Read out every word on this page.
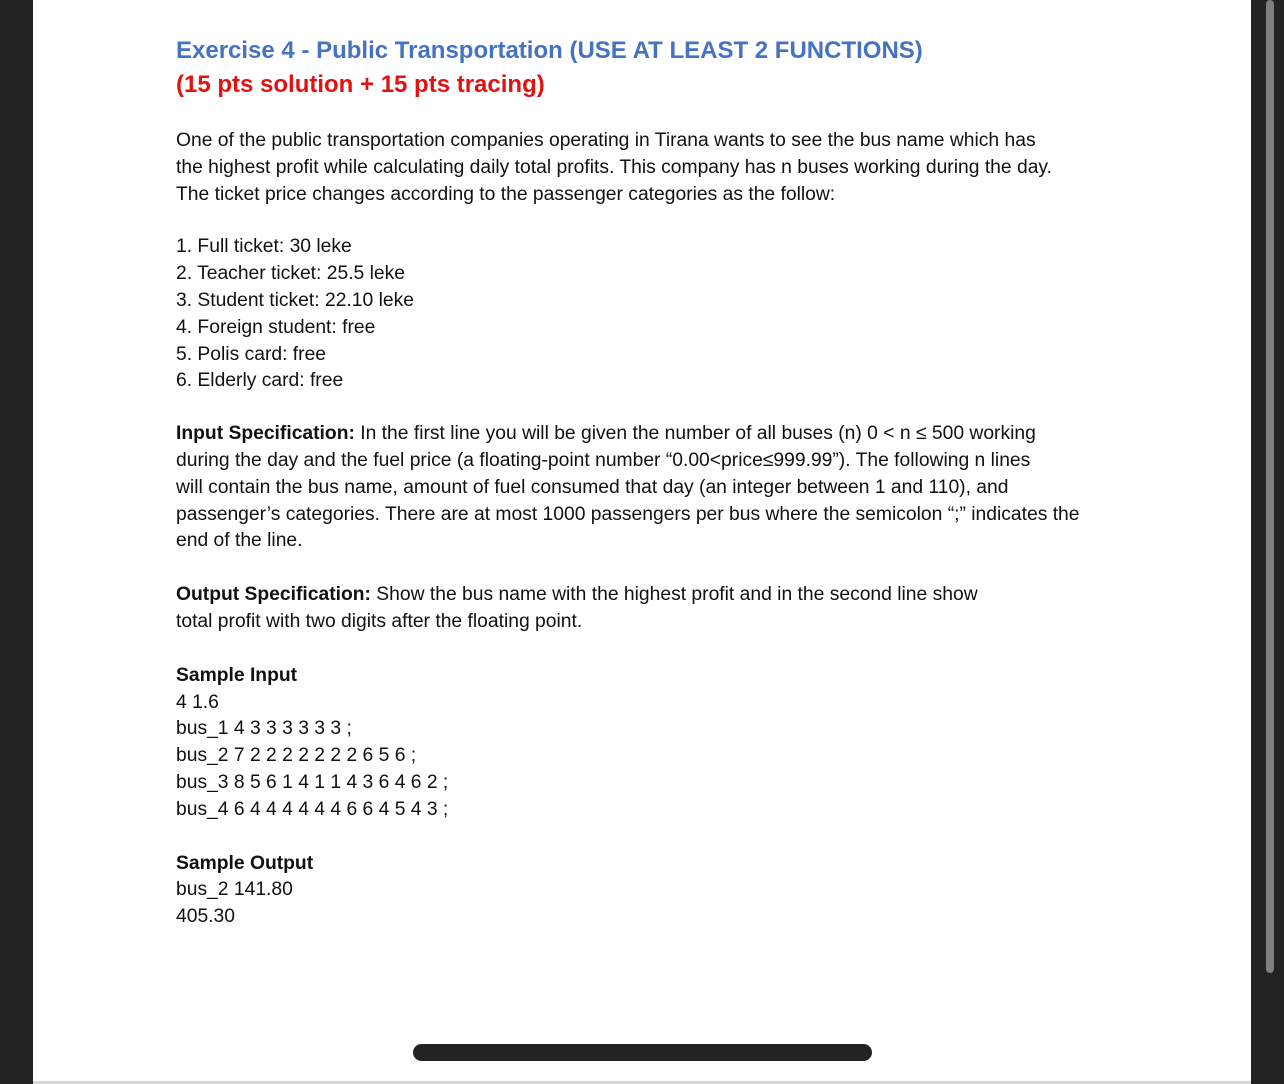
Exercise 4 - Public Transportation (USE AT LEAST 2 FUNCTIONS)
(15 pts solution + 15 pts tracing)

One of the public transportation companies operating in Tirana wants to see the bus name which has
the highest profit while calculating daily total profits. This company has n buses working during the day.
The ticket price changes according to the passenger categories as the follow:

1. Full ticket: 30 leke
2. Teacher ticket: 25.5 leke
3. Student ticket: 22.10 leke
4. Foreign student: free
5. Polis card: free
6. Elderly card: free

Input Specification: In the first line you will be given the number of all buses (n) 0 < n ≤ 500 working
during the day and the fuel price (a floating-point number “0.00<price≤999.99”). The following n lines
will contain the bus name, amount of fuel consumed that day (an integer between 1 and 110), and
passenger’s categories. There are at most 1000 passengers per bus where the semicolon “;” indicates the
end of the line.

Output Specification: Show the bus name with the highest profit and in the second line show
total profit with two digits after the floating point.

Sample Input
4 1.6
bus_1 4 3 3 3 3 3 3 ;
bus_2 7 2 2 2 2 2 2 2 6 5 6 ;
bus_3 8 5 6 1 4 1 1 4 3 6 4 6 2 ;
bus_4 6 4 4 4 4 4 4 6 6 4 5 4 3 ;

Sample Output
bus_2 141.80
405.30
